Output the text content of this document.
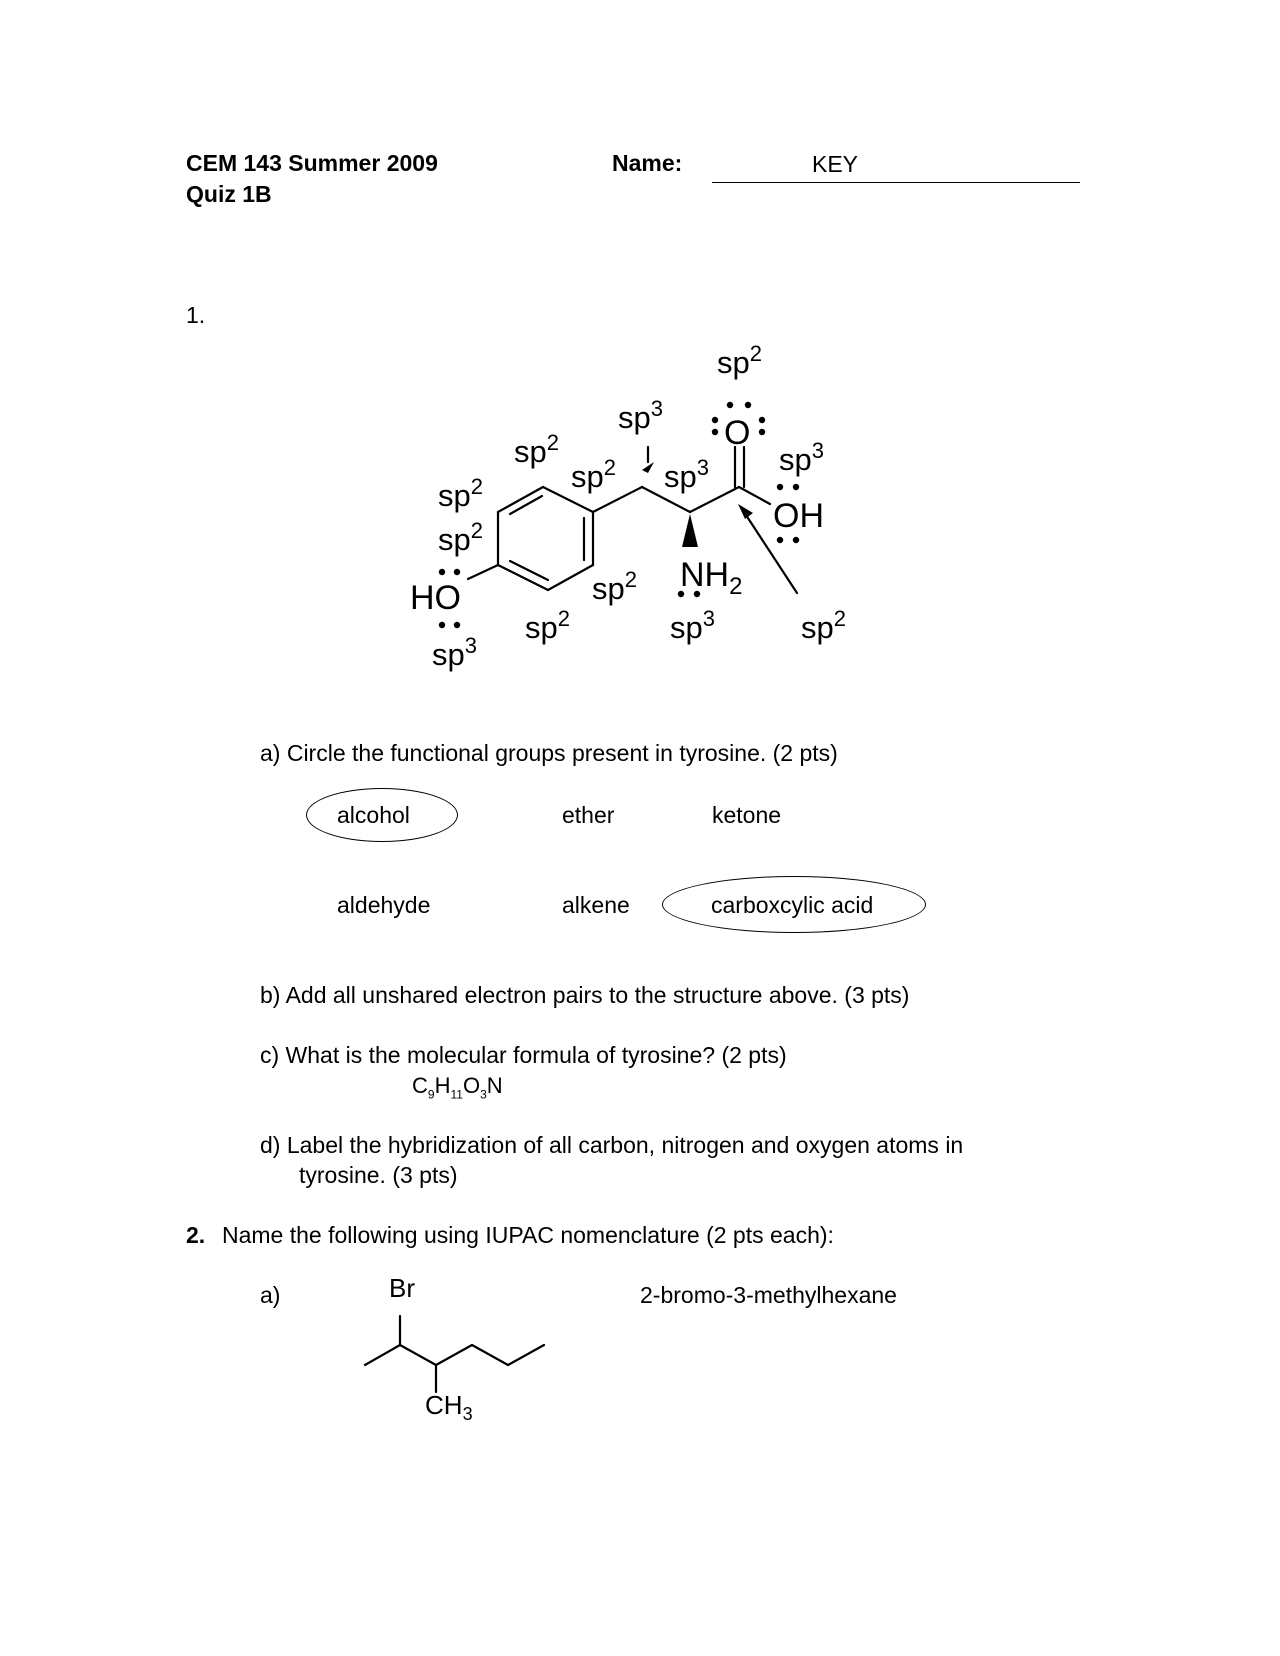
CEM 143 Summer 2009
Quiz 1B
Name:	KEY
1.
O
OH
HO
$NH_2$
$sp^2$
$sp^3$
$sp^2$
$sp^2$ $sp^3$ $sp^3$
$sp^2$
$sp^2$
$sp^2$
$sp^2$
$sp^3$
$sp^3$	$sp^2$
a) Circle the functional groups present in tyrosine. (2 pts)
alcohol	ether	ketone
aldehyde	alkene	carboxcylic acid
b) Add all unshared electron pairs to the structure above. (3 pts)
c) What is the molecular formula of tyrosine? (2 pts)
$C_9H_{11}O_3N$
d) Label the hybridization of all carbon, nitrogen and oxygen atoms in
tyrosine. (3 pts)
2. Name the following using IUPAC nomenclature (2 pts each):
a)	2-bromo-3-methylhexane
Br
$CH_3$
